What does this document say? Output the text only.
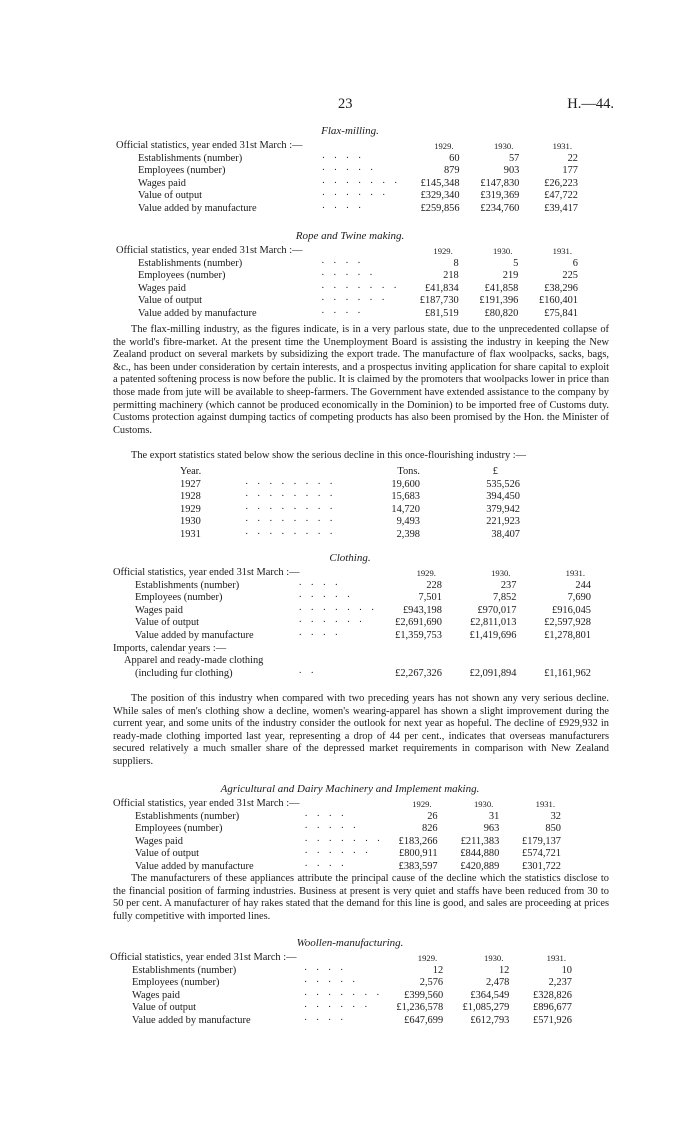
23	H.—44.
Flax-milling.
Official statistics, year ended 31st March :—		1929.	1930.	1931.
Establishments (number)	· · · ·	60	57	22
Employees (number)	· · · · ·	879	903	177
Wages paid	· · · · · · ·	£145,348	£147,830	£26,223
Value of output	· · · · · ·	£329,340	£319,369	£47,722
Value added by manufacture	· · · ·	£259,856	£234,760	£39,417
Rope and Twine making.
Official statistics, year ended 31st March :—		1929.	1930.	1931.
Establishments (number)	· · · ·	8	5	6
Employees (number)	· · · · ·	218	219	225
Wages paid	· · · · · · ·	£41,834	£41,858	£38,296
Value of output	· · · · · ·	£187,730	£191,396	£160,401
Value added by manufacture	· · · ·	£81,519	£80,820	£75,841

The flax-milling industry, as the figures indicate, is in a very parlous state, due to the unprecedented collapse of the world's fibre-market. At the present time the Unemployment Board is assisting the industry in keeping the New Zealand product on several markets by subsidizing the export trade. The manufacture of flax woolpacks, sacks, bags, &c., has been under consideration by certain interests, and a prospectus inviting application for share capital to exploit a patented softening process is now before the public. It is claimed by the promoters that woolpacks lower in price than those made from jute will be available to sheep-farmers. The Government have extended assistance to the company by permitting machinery (which cannot be produced economically in the Dominion) to be imported free of Customs duty. Customs protection against dumping tactics of competing products has also been promised by the Hon. the Minister of Customs.

The export statistics stated below show the serious decline in this once-flourishing industry :—

Year.		Tons.	£
1927	· · · · · · · ·	19,600	535,526
1928	· · · · · · · ·	15,683	394,450
1929	· · · · · · · ·	14,720	379,942
1930	· · · · · · · ·	9,493	221,923
1931	· · · · · · · ·	2,398	38,407
Clothing.
Official statistics, year ended 31st March :—		1929.	1930.	1931.
Establishments (number)	· · · ·	228	237	244
Employees (number)	· · · · ·	7,501	7,852	7,690
Wages paid	· · · · · · ·	£943,198	£970,017	£916,045
Value of output	· · · · · ·	£2,691,690	£2,811,013	£2,597,928
Value added by manufacture	· · · ·	£1,359,753	£1,419,696	£1,278,801
Imports, calendar years :—				
Apparel and ready-made clothing				
(including fur clothing)	· ·	£2,267,326	£2,091,894	£1,161,962

The position of this industry when compared with two preceding years has not shown any very serious decline. While sales of men's clothing show a decline, women's wearing-apparel has shown a slight improvement during the current year, and some units of the industry consider the outlook for next year as hopeful. The decline of £929,932 in ready-made clothing imported last year, representing a drop of 44 per cent., indicates that overseas manufacturers secured relatively a much smaller share of the depressed market requirements in comparison with New Zealand suppliers.

Agricultural and Dairy Machinery and Implement making.
Official statistics, year ended 31st March :—		1929.	1930.	1931.
Establishments (number)	· · · ·	26	31	32
Employees (number)	· · · · ·	826	963	850
Wages paid	· · · · · · ·	£183,266	£211,383	£179,137
Value of output	· · · · · ·	£800,911	£844,880	£574,721
Value added by manufacture	· · · ·	£383,597	£420,889	£301,722

The manufacturers of these appliances attribute the principal cause of the decline which the statistics disclose to the financial position of farming industries. Business at present is very quiet and staffs have been reduced from 30 to 50 per cent. A manufacturer of hay rakes stated that the demand for this line is good, and sales are proceeding at prices fully competitive with imported lines.

Woollen-manufacturing.
Official statistics, year ended 31st March :—		1929.	1930.	1931.
Establishments (number)	· · · ·	12	12	10
Employees (number)	· · · · ·	2,576	2,478	2,237
Wages paid	· · · · · · ·	£399,560	£364,549	£328,826
Value of output	· · · · · ·	£1,236,578	£1,085,279	£896,677
Value added by manufacture	· · · ·	£647,699	£612,793	£571,926
